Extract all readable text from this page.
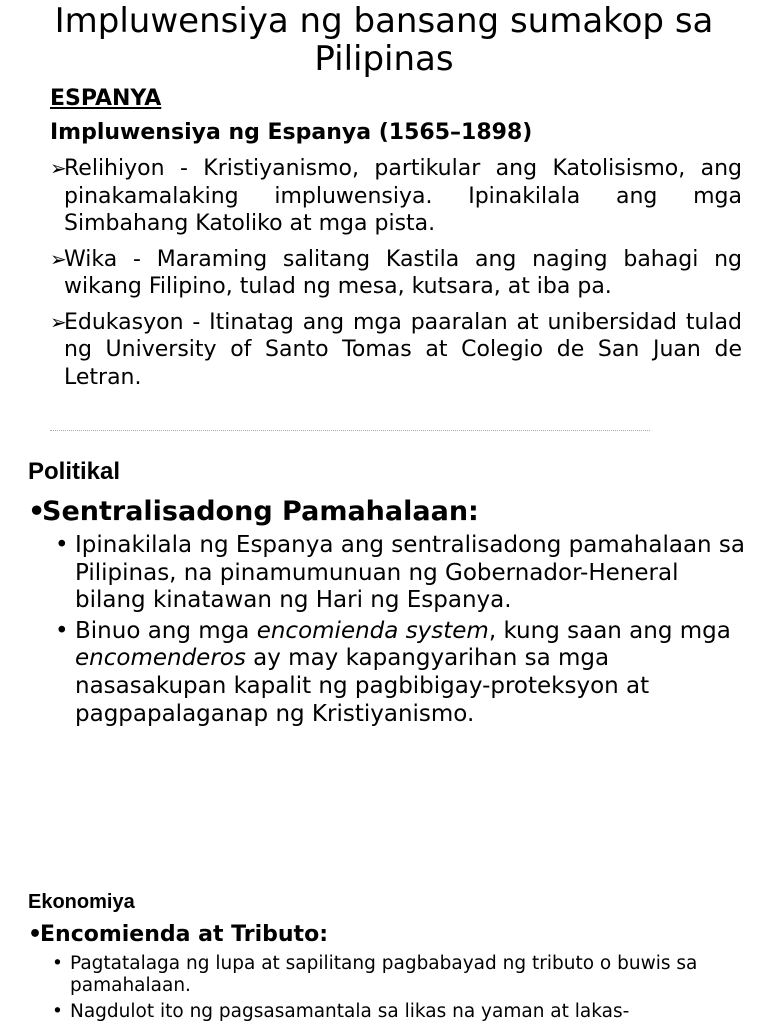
Impluwensiya ng bansang sumakop sa Pilipinas
ESPANYA
Impluwensiya ng Espanya (1565–1898)
➢
Relihiyon - Kristiyanismo, partikular ang Katolisismo, ang pinakamalaking impluwensiya. Ipinakilala ang mga Simbahang Katoliko at mga pista.
➢
Wika - Maraming salitang Kastila ang naging bahagi ng wikang Filipino, tulad ng mesa, kutsara, at iba pa.
➢
Edukasyon - Itinatag ang mga paaralan at unibersidad tulad ng University of Santo Tomas at Colegio de San Juan de Letran.
Politikal
•Sentralisadong Pamahalaan:
• Ipinakilala ng Espanya ang sentralisadong pamahalaan sa Pilipinas, na pinamumunuan ng Gobernador-Heneral bilang kinatawan ng Hari ng Espanya.
• Binuo ang mga encomienda system, kung saan ang mga encomenderos ay may kapangyarihan sa mga nasasakupan kapalit ng pagbibigay-proteksyon at pagpapalaganap ng Kristiyanismo.
Ekonomiya
•Encomienda at Tributo:
• Pagtatalaga ng lupa at sapilitang pagbabayad ng tributo o buwis sa pamahalaan.
• Nagdulot ito ng pagsasamantala sa likas na yaman at lakas-
